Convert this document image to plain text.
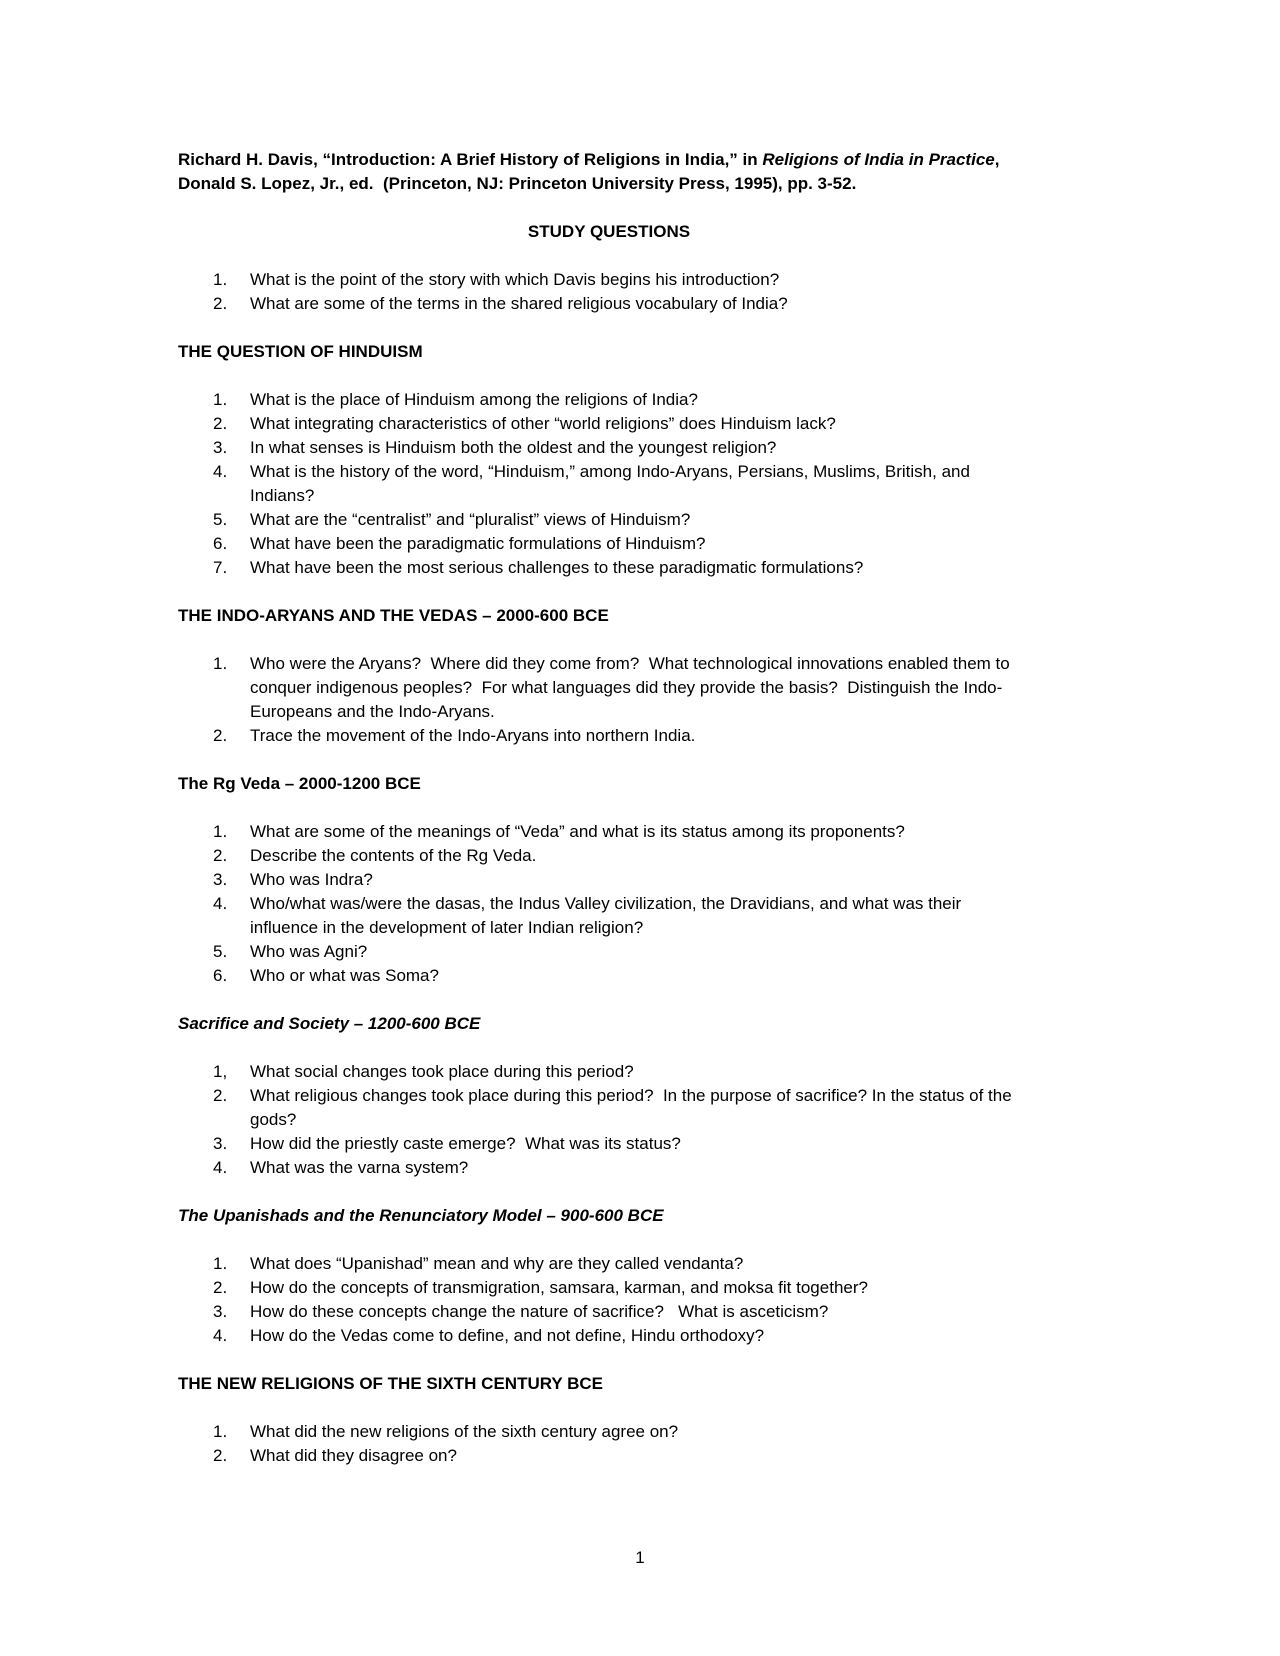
Richard H. Davis, “Introduction: A Brief History of Religions in India,” in Religions of India in Practice, Donald S. Lopez, Jr., ed.  (Princeton, NJ: Princeton University Press, 1995), pp. 3-52.

STUDY QUESTIONS
1.	What is the point of the story with which Davis begins his introduction?
2.	What are some of the terms in the shared religious vocabulary of India?
THE QUESTION OF HINDUISM
1.	What is the place of Hinduism among the religions of India?
2.	What integrating characteristics of other “world religions” does Hinduism lack?
3.	In what senses is Hinduism both the oldest and the youngest religion?
4.	What is the history of the word, “Hinduism,” among Indo-Aryans, Persians, Muslims, British, and Indians?
5.	What are the “centralist” and “pluralist” views of Hinduism?
6.	What have been the paradigmatic formulations of Hinduism?
7.	What have been the most serious challenges to these paradigmatic formulations?
THE INDO-ARYANS AND THE VEDAS – 2000-600 BCE
1.	Who were the Aryans?  Where did they come from?  What technological innovations enabled them to conquer indigenous peoples?  For what languages did they provide the basis?  Distinguish the Indo-Europeans and the Indo-Aryans.
2.	Trace the movement of the Indo-Aryans into northern India.
The Rg Veda – 2000-1200 BCE
1.	What are some of the meanings of “Veda” and what is its status among its proponents?
2.	Describe the contents of the Rg Veda.
3.	Who was Indra?
4.	Who/what was/were the dasas, the Indus Valley civilization, the Dravidians, and what was their influence in the development of later Indian religion?
5.	Who was Agni?
6.	Who or what was Soma?
Sacrifice and Society – 1200-600 BCE
1,	What social changes took place during this period?
2.	What religious changes took place during this period?  In the purpose of sacrifice? In the status of the gods?
3.	How did the priestly caste emerge?  What was its status?
4.	What was the varna system?
The Upanishads and the Renunciatory Model – 900-600 BCE
1.	What does “Upanishad” mean and why are they called vendanta?
2.	How do the concepts of transmigration, samsara, karman, and moksa fit together?
3.	How do these concepts change the nature of sacrifice?   What is asceticism?
4.	How do the Vedas come to define, and not define, Hindu orthodoxy?
THE NEW RELIGIONS OF THE SIXTH CENTURY BCE
1.	What did the new religions of the sixth century agree on?
2.	What did they disagree on?
1
